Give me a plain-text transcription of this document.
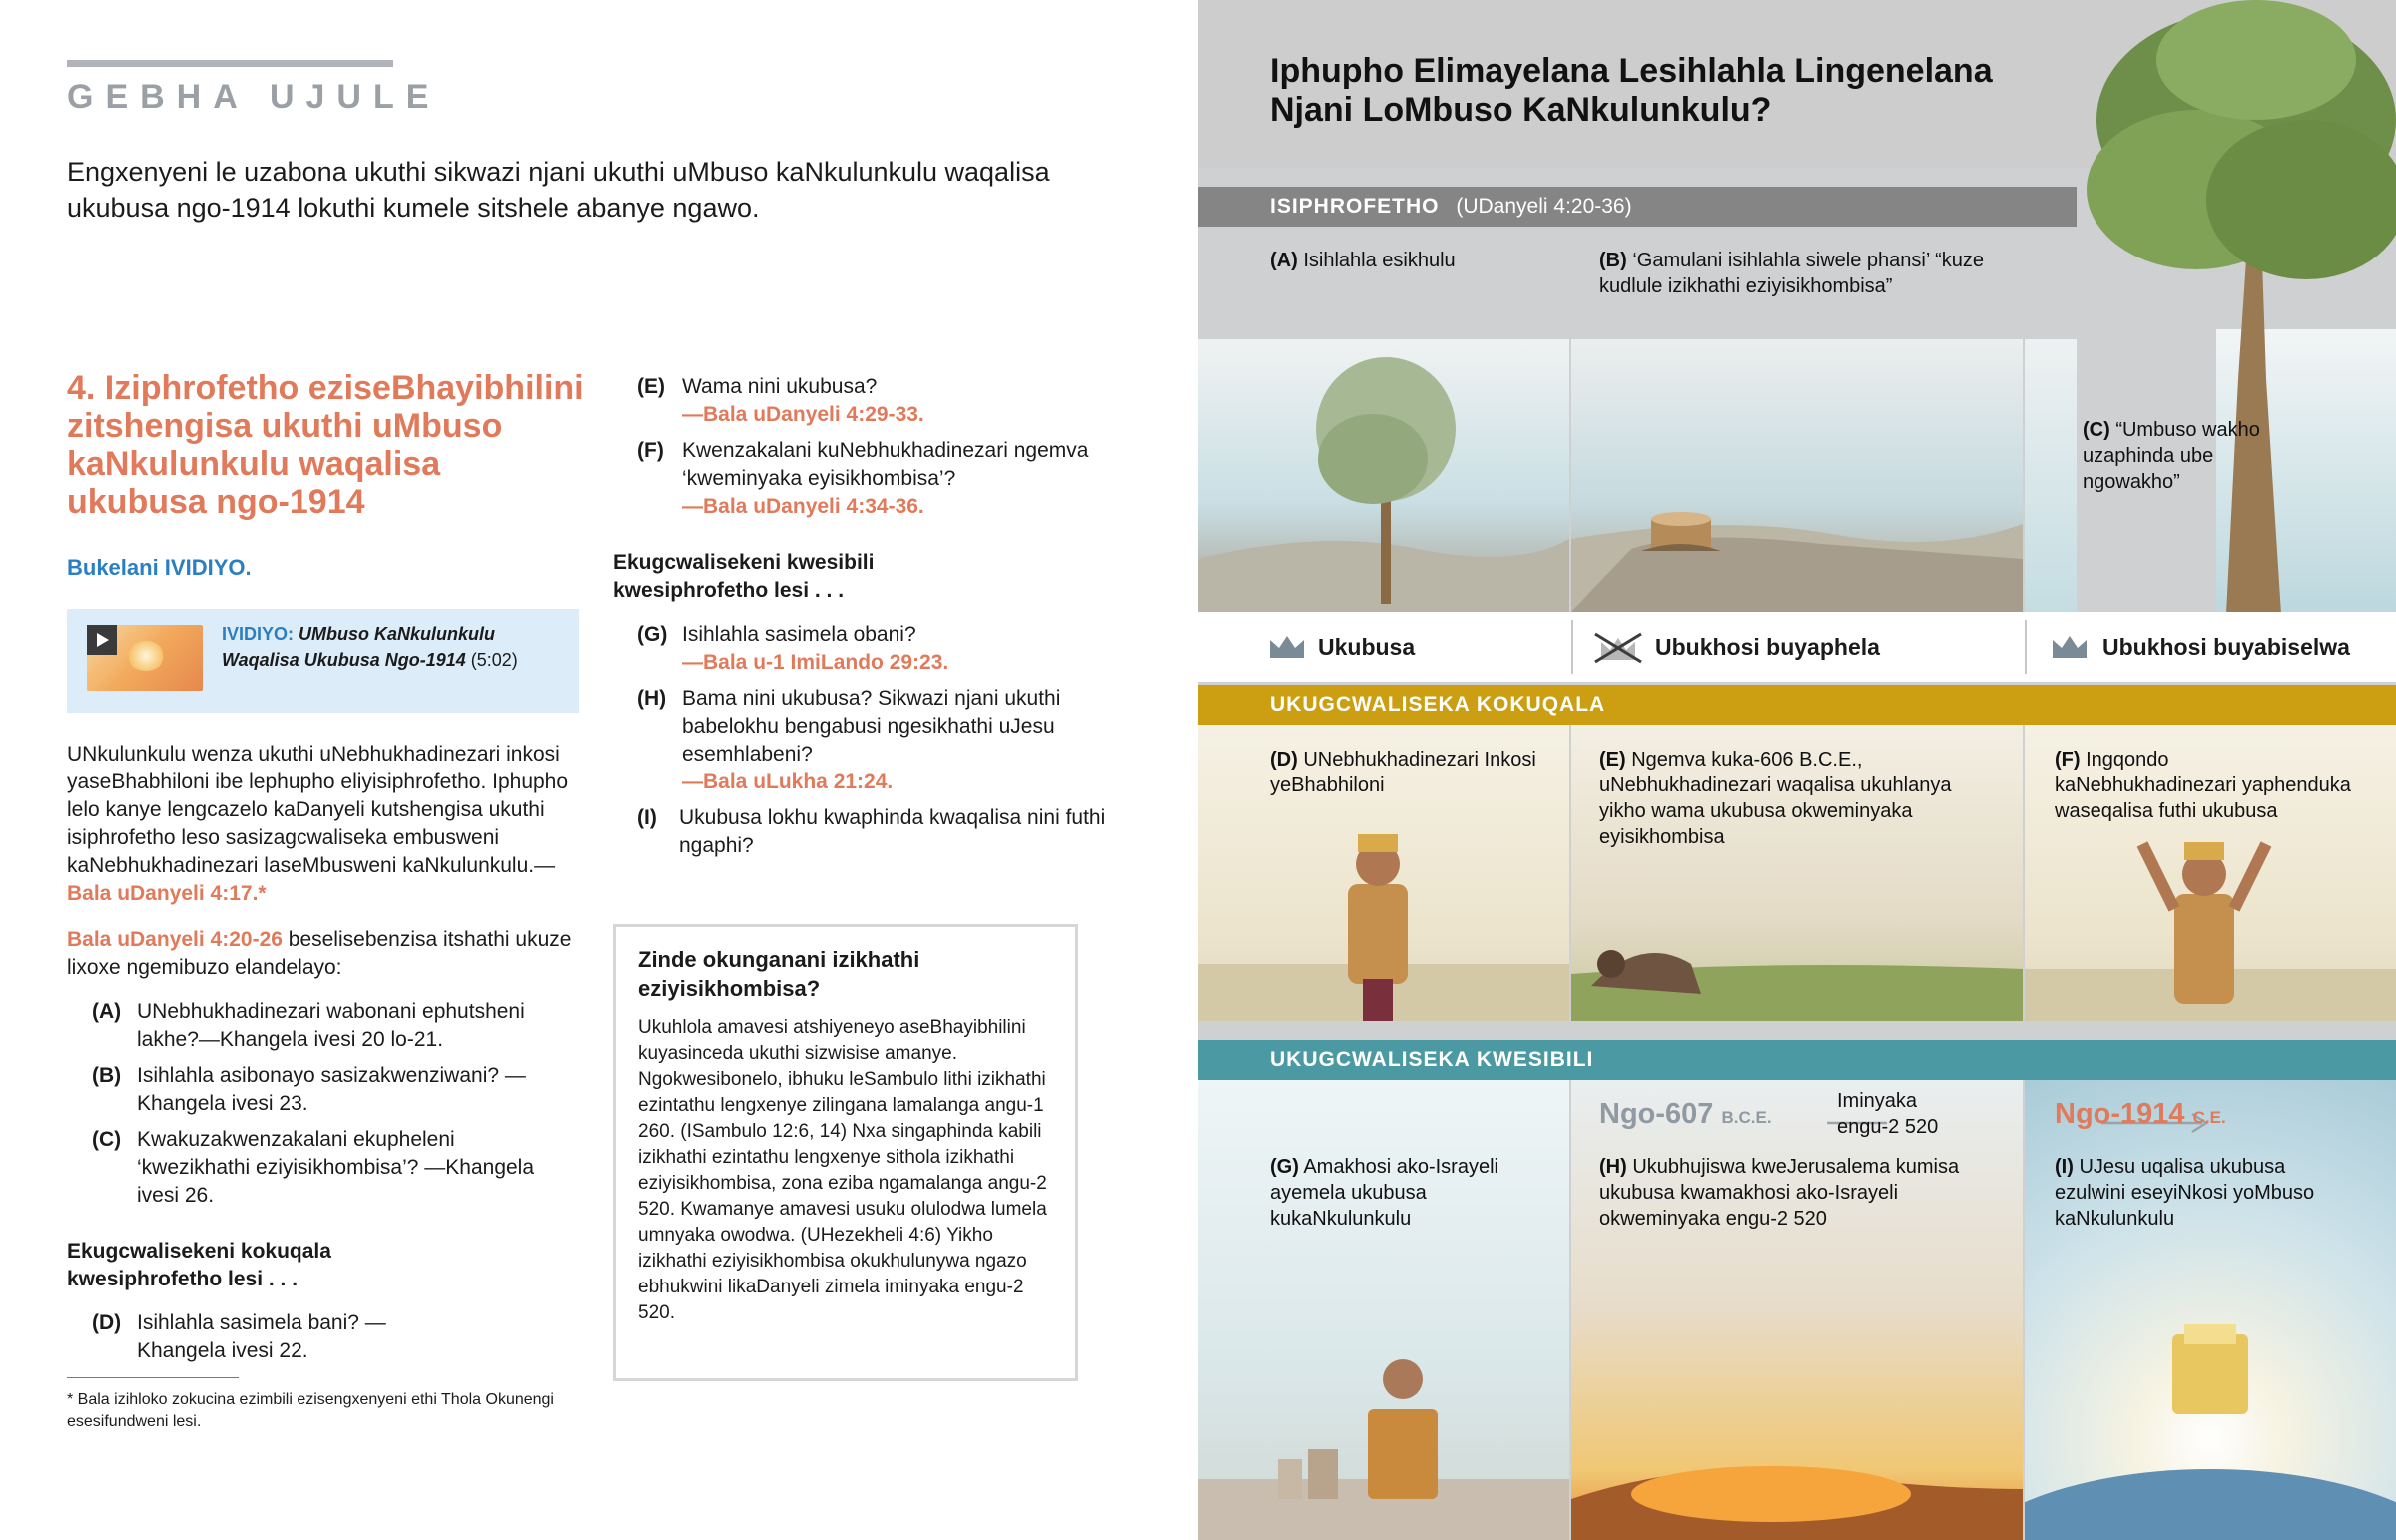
GEBHA UJULE
Engxenyeni le uzabona ukuthi sikwazi njani ukuthi uMbuso kaNkulunkulu waqalisa ukubusa ngo-1914 lokuthi kumele sitshele abanye ngawo.
4. Iziphrofetho eziseBhayibhilini zitshengisa ukuthi uMbuso kaNkulunkulu waqalisa ukubusa ngo-1914
Bukelani IVIDIYO.
IVIDIYO: UMbuso KaNkulunkulu Waqalisa Ukubusa Ngo-1914 (5:02)
UNkulunkulu wenza ukuthi uNebhukhadinezari inkosi yaseBhabhiloni ibe lephupho eliyisiphrofetho. Iphupho lelo kanye lengcazelo kaDanyeli kutshengisa ukuthi isiphrofetho leso sasizagcwaliseka embusweni kaNebhukhadinezari laseMbusweni kaNkulunkulu.—Bala uDanyeli 4:17.*
Bala uDanyeli 4:20-26 beselisebenzisa itshathi ukuze lixoxe ngemibuzo elandelayo:
(A) UNebhukhadinezari wabonani ephutsheni lakhe?—Khangela ivesi 20 lo-21.
(B) Isihlahla asibonayo sasizakwenziwani? —Khangela ivesi 23.
(C) Kwakuzakwenzakalani ekupheleni ‘kwezikhathi eziyisikhombisa’? —Khangela ivesi 26.
Ekugcwalisekeni kokuqala kwesiphrofetho lesi . . .
(D) Isihlahla sasimela bani? —Khangela ivesi 22.
* Bala izihloko zokucina ezimbili ezisengxenyeni ethi Thola Okunengi esesifundweni lesi.
(E) Wama nini ukubusa?
—Bala uDanyeli 4:29-33.
(F) Kwenzakalani kuNebhukhadinezari ngemva ‘kweminyaka eyisikhombisa’?
—Bala uDanyeli 4:34-36.
Ekugcwalisekeni kwesibili kwesiphrofetho lesi . . .
(G) Isihlahla sasimela obani?
—Bala u-1 ImiLando 29:23.
(H) Bama nini ukubusa? Sikwazi njani ukuthi babelokhu bengabusi ngesikhathi uJesu esemhlabeni?
—Bala uLukha 21:24.
(I)	Ukubusa lokhu kwaphinda kwaqalisa nini futhi ngaphi?
Zinde okunganani izikhathi eziyisikhombisa?
Ukuhlola amavesi atshiyeneyo aseBhayibhilini kuyasinceda ukuthi sizwisise amanye. Ngokwesibonelo, ibhuku leSambulo lithi izikhathi ezintathu lengxenye zilingana lamalanga angu-1 260. (ISambulo 12:6, 14) Nxa singaphinda kabili izikhathi ezintathu lengxenye sithola izikhathi eziyisikhombisa, zona eziba ngamalanga angu-2 520. Kwamanye amavesi usuku olulodwa lumela umnyaka owodwa. (UHezekheli 4:6) Yikho izikhathi eziyisikhombisa okukhulunywa ngazo ebhukwini likaDanyeli zimela iminyaka engu-2 520.
Iphupho Elimayelana Lesihlahla Lingenelana Njani LoMbuso KaNkulunkulu?
ISIPHROFETHO (UDanyeli 4:20-36)
(A) Isihlahla esikhulu	(B) ‘Gamulani isihlahla siwele phansi’ “kuze kudlule izikhathi eziyisikhombisa”
(C) “Umbuso wakho uzaphinda ube ngowakho”
Ukubusa	Ubukhosi buyaphela	Ubukhosi buyabiselwa
UKUGCWALISEKA KOKUQALA
(D) UNebhukhadinezari Inkosi yeBhabhiloni
(E) Ngemva kuka-606 B.C.E., uNebhukhadinezari waqalisa ukuhlanya yikho wama ukubusa okweminyaka eyisikhombisa
(F) Ingqondo kaNebhukhadinezari yaphenduka waseqalisa futhi ukubusa
UKUGCWALISEKA KWESIBILI
Ngo-607 B.C.E.
Iminyaka engu-2 520	Ngo-1914 C.E.
(G) Amakhosi ako-Israyeli ayemela ukubusa kukaNkulunkulu
(H) Ukubhujiswa kweJerusalema kumisa ukubusa kwamakhosi ako-Israyeli okweminyaka engu-2 520
(I) UJesu uqalisa ukubusa ezulwini eseyiNkosi yoMbuso kaNkulunkulu
